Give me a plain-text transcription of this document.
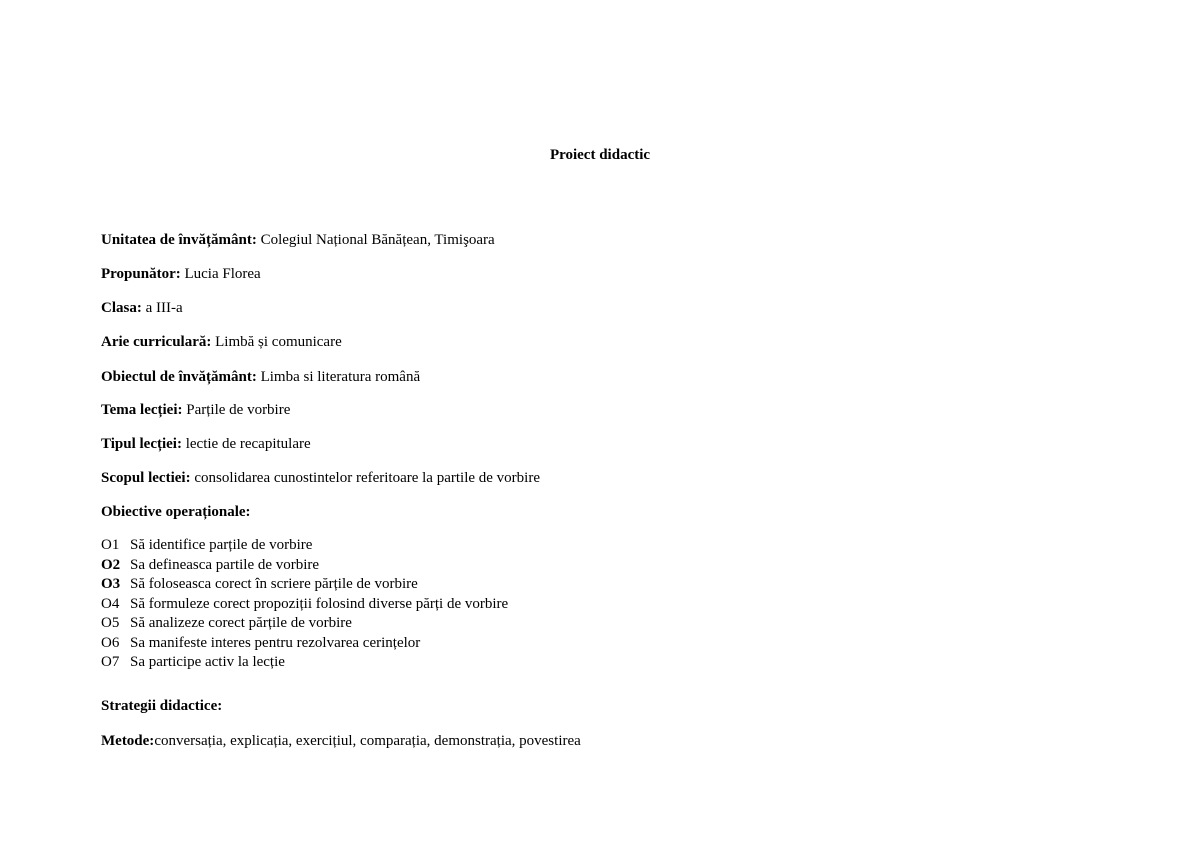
Proiect didactic
Unitatea de învățământ: Colegiul Național Bănățean, Timişoara
Propunător: Lucia Florea
Clasa: a III-a
Arie curriculară: Limbă și comunicare
Obiectul de învățământ: Limba si literatura română
Tema lecției: Parțile de vorbire
Tipul lecției: lectie de recapitulare
Scopul lectiei: consolidarea cunostintelor referitoare la partile de vorbire
Obiective operaționale:
O1 Să identifice parțile de vorbire
O2 Sa defineasca partile de vorbire
O3 Să foloseasca corect în scriere părțile de vorbire
O4 Să formuleze corect propoziții folosind diverse părți de vorbire
O5 Să analizeze corect părțile de vorbire
O6 Sa manifeste interes pentru rezolvarea cerințelor
O7 Sa participe activ la lecție
Strategii didactice:
Metode:conversația, explicația, exercițiul, comparația, demonstrația, povestirea
